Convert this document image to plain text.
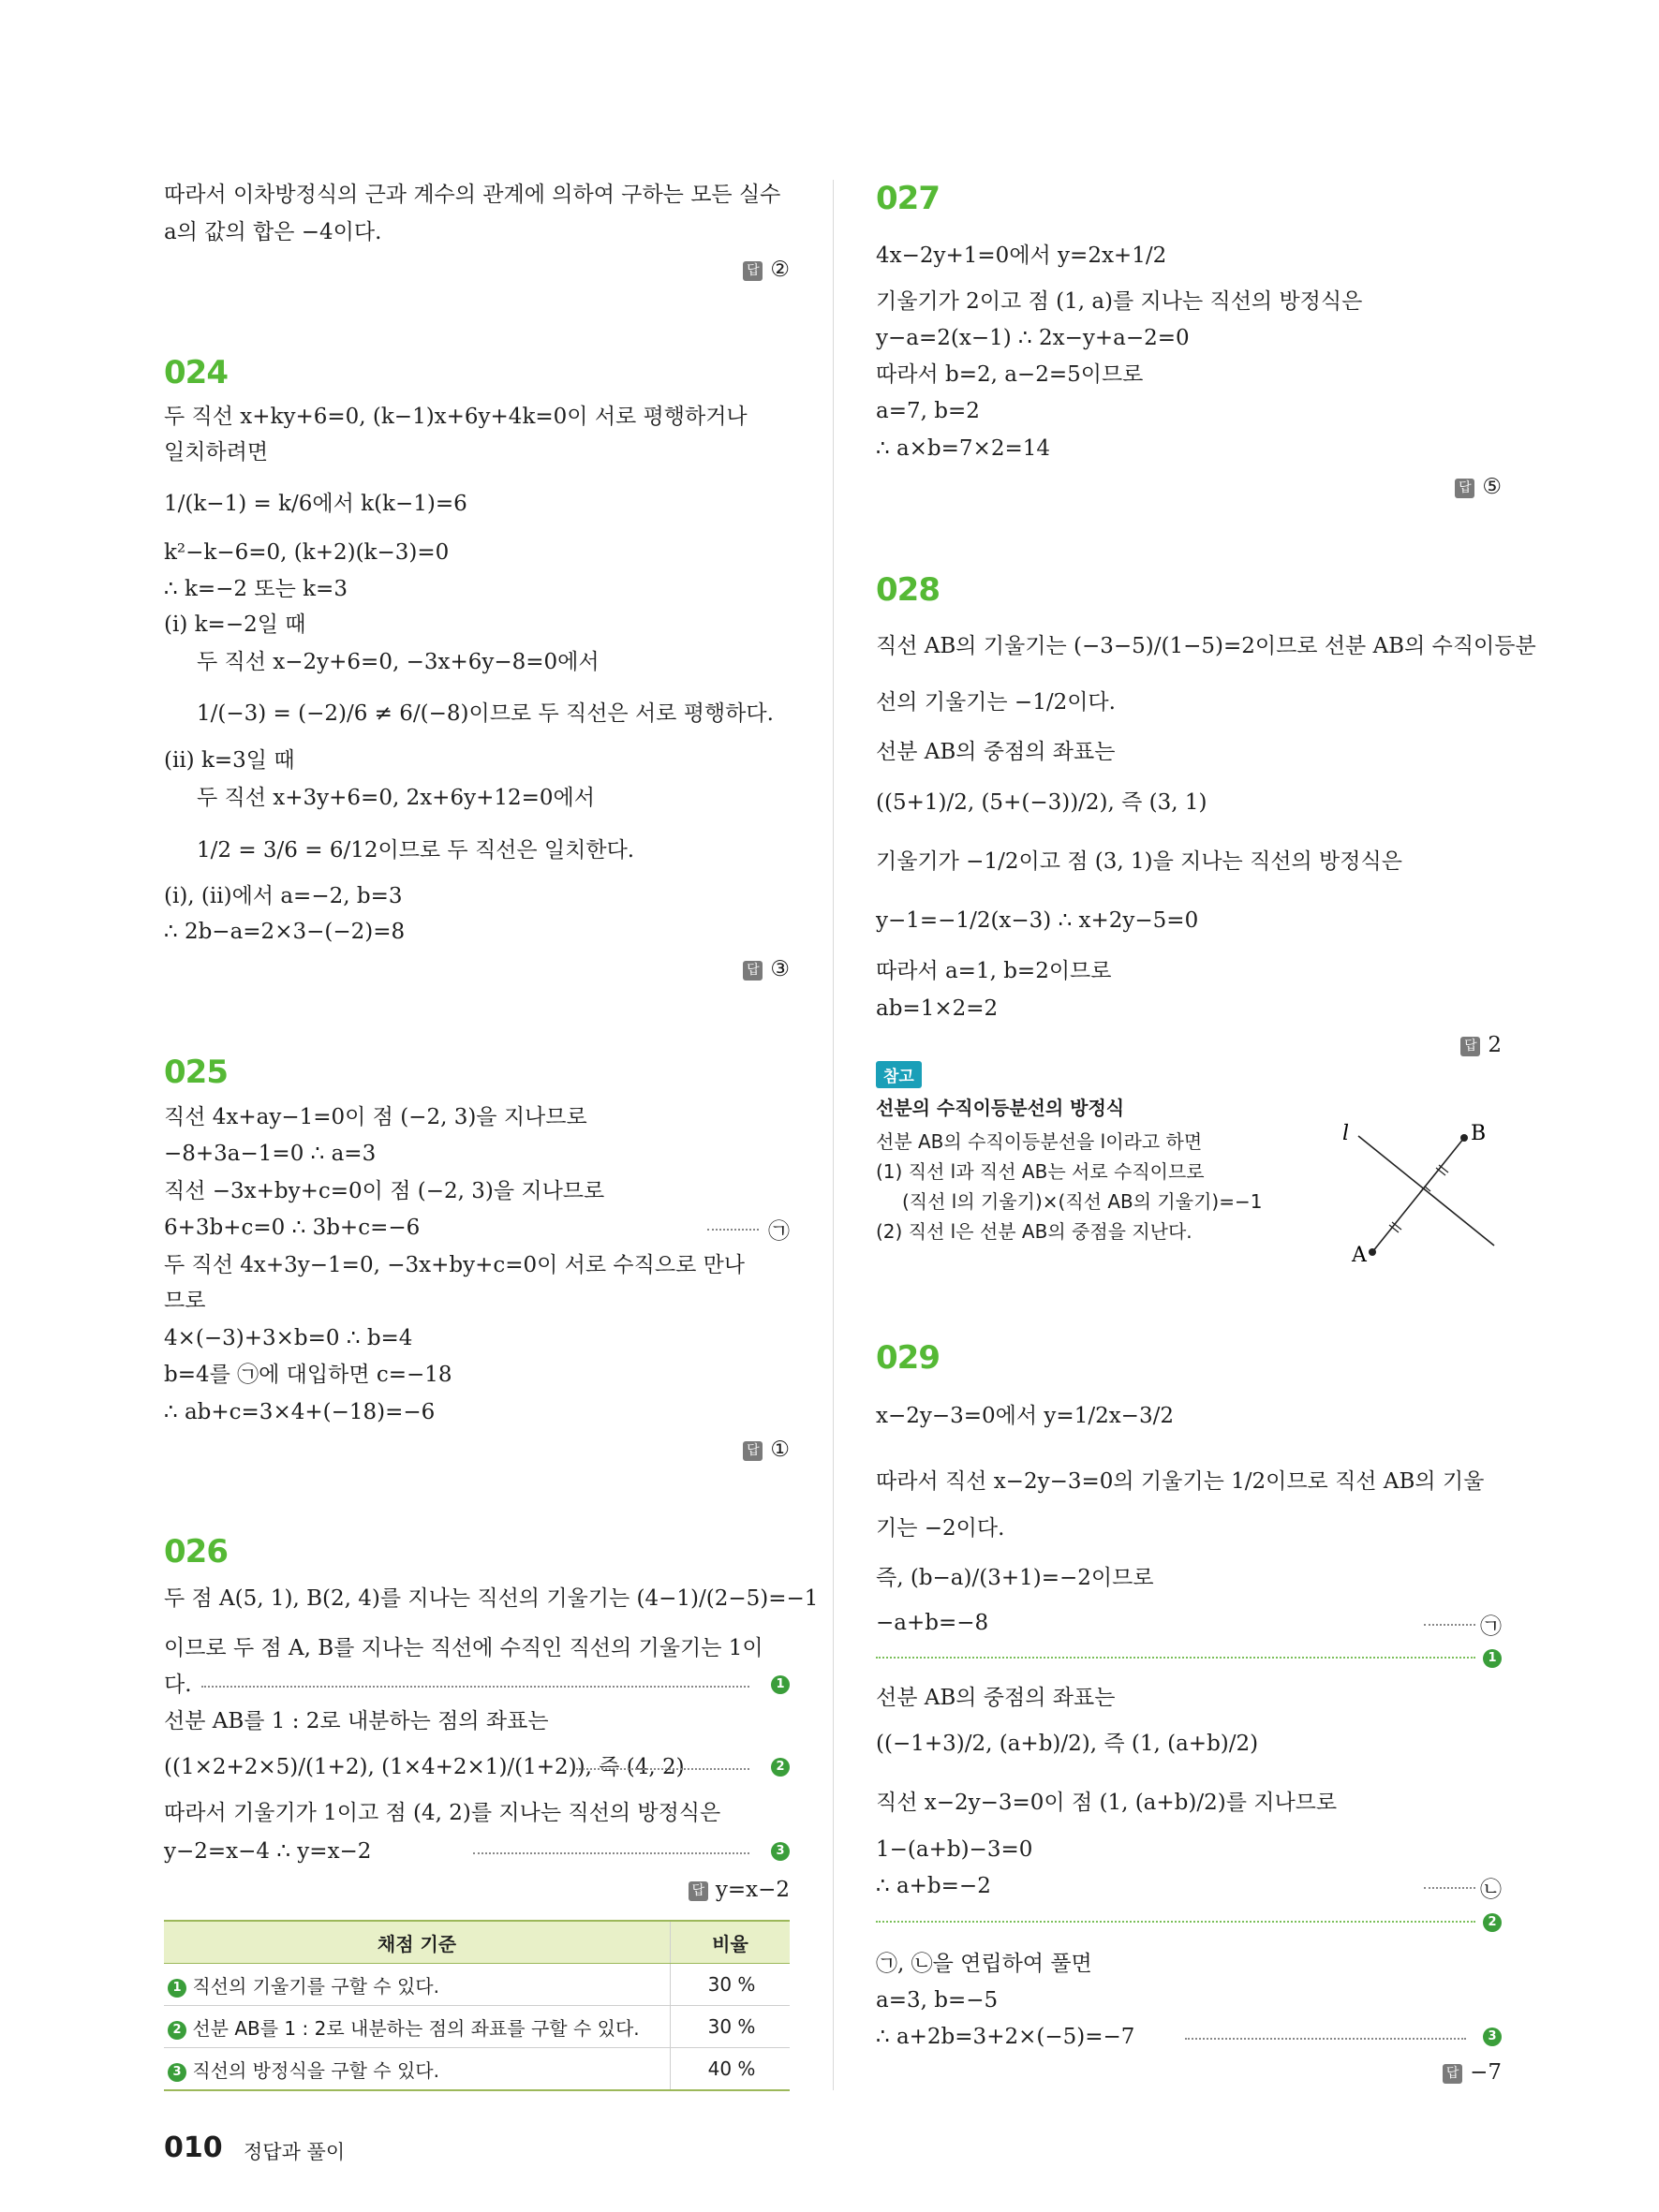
따라서 이차방정식의 근과 계수의 관계에 의하여 구하는 모든 실수
a의 값의 합은 −4이다.
답 ②
024
두 직선 x+ky+6=0, (k−1)x+6y+4k=0이 서로 평행하거나
일치하려면
1/(k−1) = k/6에서 k(k−1)=6
k²−k−6=0, (k+2)(k−3)=0
∴ k=−2 또는 k=3
(i) k=−2일 때
두 직선 x−2y+6=0, −3x+6y−8=0에서
1/(−3) = (−2)/6 ≠ 6/(−8)이므로 두 직선은 서로 평행하다.
(ii) k=3일 때
두 직선 x+3y+6=0, 2x+6y+12=0에서
1/2 = 3/6 = 6/12이므로 두 직선은 일치한다.
(i), (ii)에서 a=−2, b=3
∴ 2b−a=2×3−(−2)=8
답 ③
025
직선 4x+ay−1=0이 점 (−2, 3)을 지나므로
−8+3a−1=0 ∴ a=3
직선 −3x+by+c=0이 점 (−2, 3)을 지나므로
6+3b+c=0 ∴ 3b+c=−6	㉠
두 직선 4x+3y−1=0, −3x+by+c=0이 서로 수직으로 만나
므로
4×(−3)+3×b=0 ∴ b=4
b=4를 ㉠에 대입하면 c=−18
∴ ab+c=3×4+(−18)=−6
답 ①
026
두 점 A(5, 1), B(2, 4)를 지나는 직선의 기울기는 (4−1)/(2−5)=−1
이므로 두 점 A, B를 지나는 직선에 수직인 직선의 기울기는 1이
다.	1
선분 AB를 1 : 2로 내분하는 점의 좌표는
((1×2+2×5)/(1+2), (1×4+2×1)/(1+2)), 즉 (4, 2)	2
따라서 기울기가 1이고 점 (4, 2)를 지나는 직선의 방정식은
y−2=x−4 ∴ y=x−2	3
답 y=x−2
채점 기준	비율
1 직선의 기울기를 구할 수 있다.	30 %
2 선분 AB를 1 : 2로 내분하는 점의 좌표를 구할 수 있다.	30 %
3 직선의 방정식을 구할 수 있다.	40 %
027
4x−2y+1=0에서 y=2x+1/2
기울기가 2이고 점 (1, a)를 지나는 직선의 방정식은
y−a=2(x−1) ∴ 2x−y+a−2=0
따라서 b=2, a−2=5이므로
a=7, b=2
∴ a×b=7×2=14
답 ⑤
028
직선 AB의 기울기는 (−3−5)/(1−5)=2이므로 선분 AB의 수직이등분
선의 기울기는 −1/2이다.
선분 AB의 중점의 좌표는
((5+1)/2, (5+(−3))/2), 즉 (3, 1)
기울기가 −1/2이고 점 (3, 1)을 지나는 직선의 방정식은
y−1=−1/2(x−3) ∴ x+2y−5=0
따라서 a=1, b=2이므로
ab=1×2=2
답 2
참고
선분의 수직이등분선의 방정식
선분 AB의 수직이등분선을 l이라고 하면
(1) 직선 l과 직선 AB는 서로 수직이므로
(직선 l의 기울기)×(직선 AB의 기울기)=−1
(2) 직선 l은 선분 AB의 중점을 지난다.
l	B
A
029
x−2y−3=0에서 y=1/2x−3/2
따라서 직선 x−2y−3=0의 기울기는 1/2이므로 직선 AB의 기울
기는 −2이다.
즉, (b−a)/(3+1)=−2이므로
−a+b=−8	㉠
1
선분 AB의 중점의 좌표는
((−1+3)/2, (a+b)/2), 즉 (1, (a+b)/2)
직선 x−2y−3=0이 점 (1, (a+b)/2)를 지나므로
1−(a+b)−3=0
∴ a+b=−2	㉡
2
㉠, ㉡을 연립하여 풀면
a=3, b=−5
∴ a+2b=3+2×(−5)=−7	3
답 −7
010 정답과 풀이
